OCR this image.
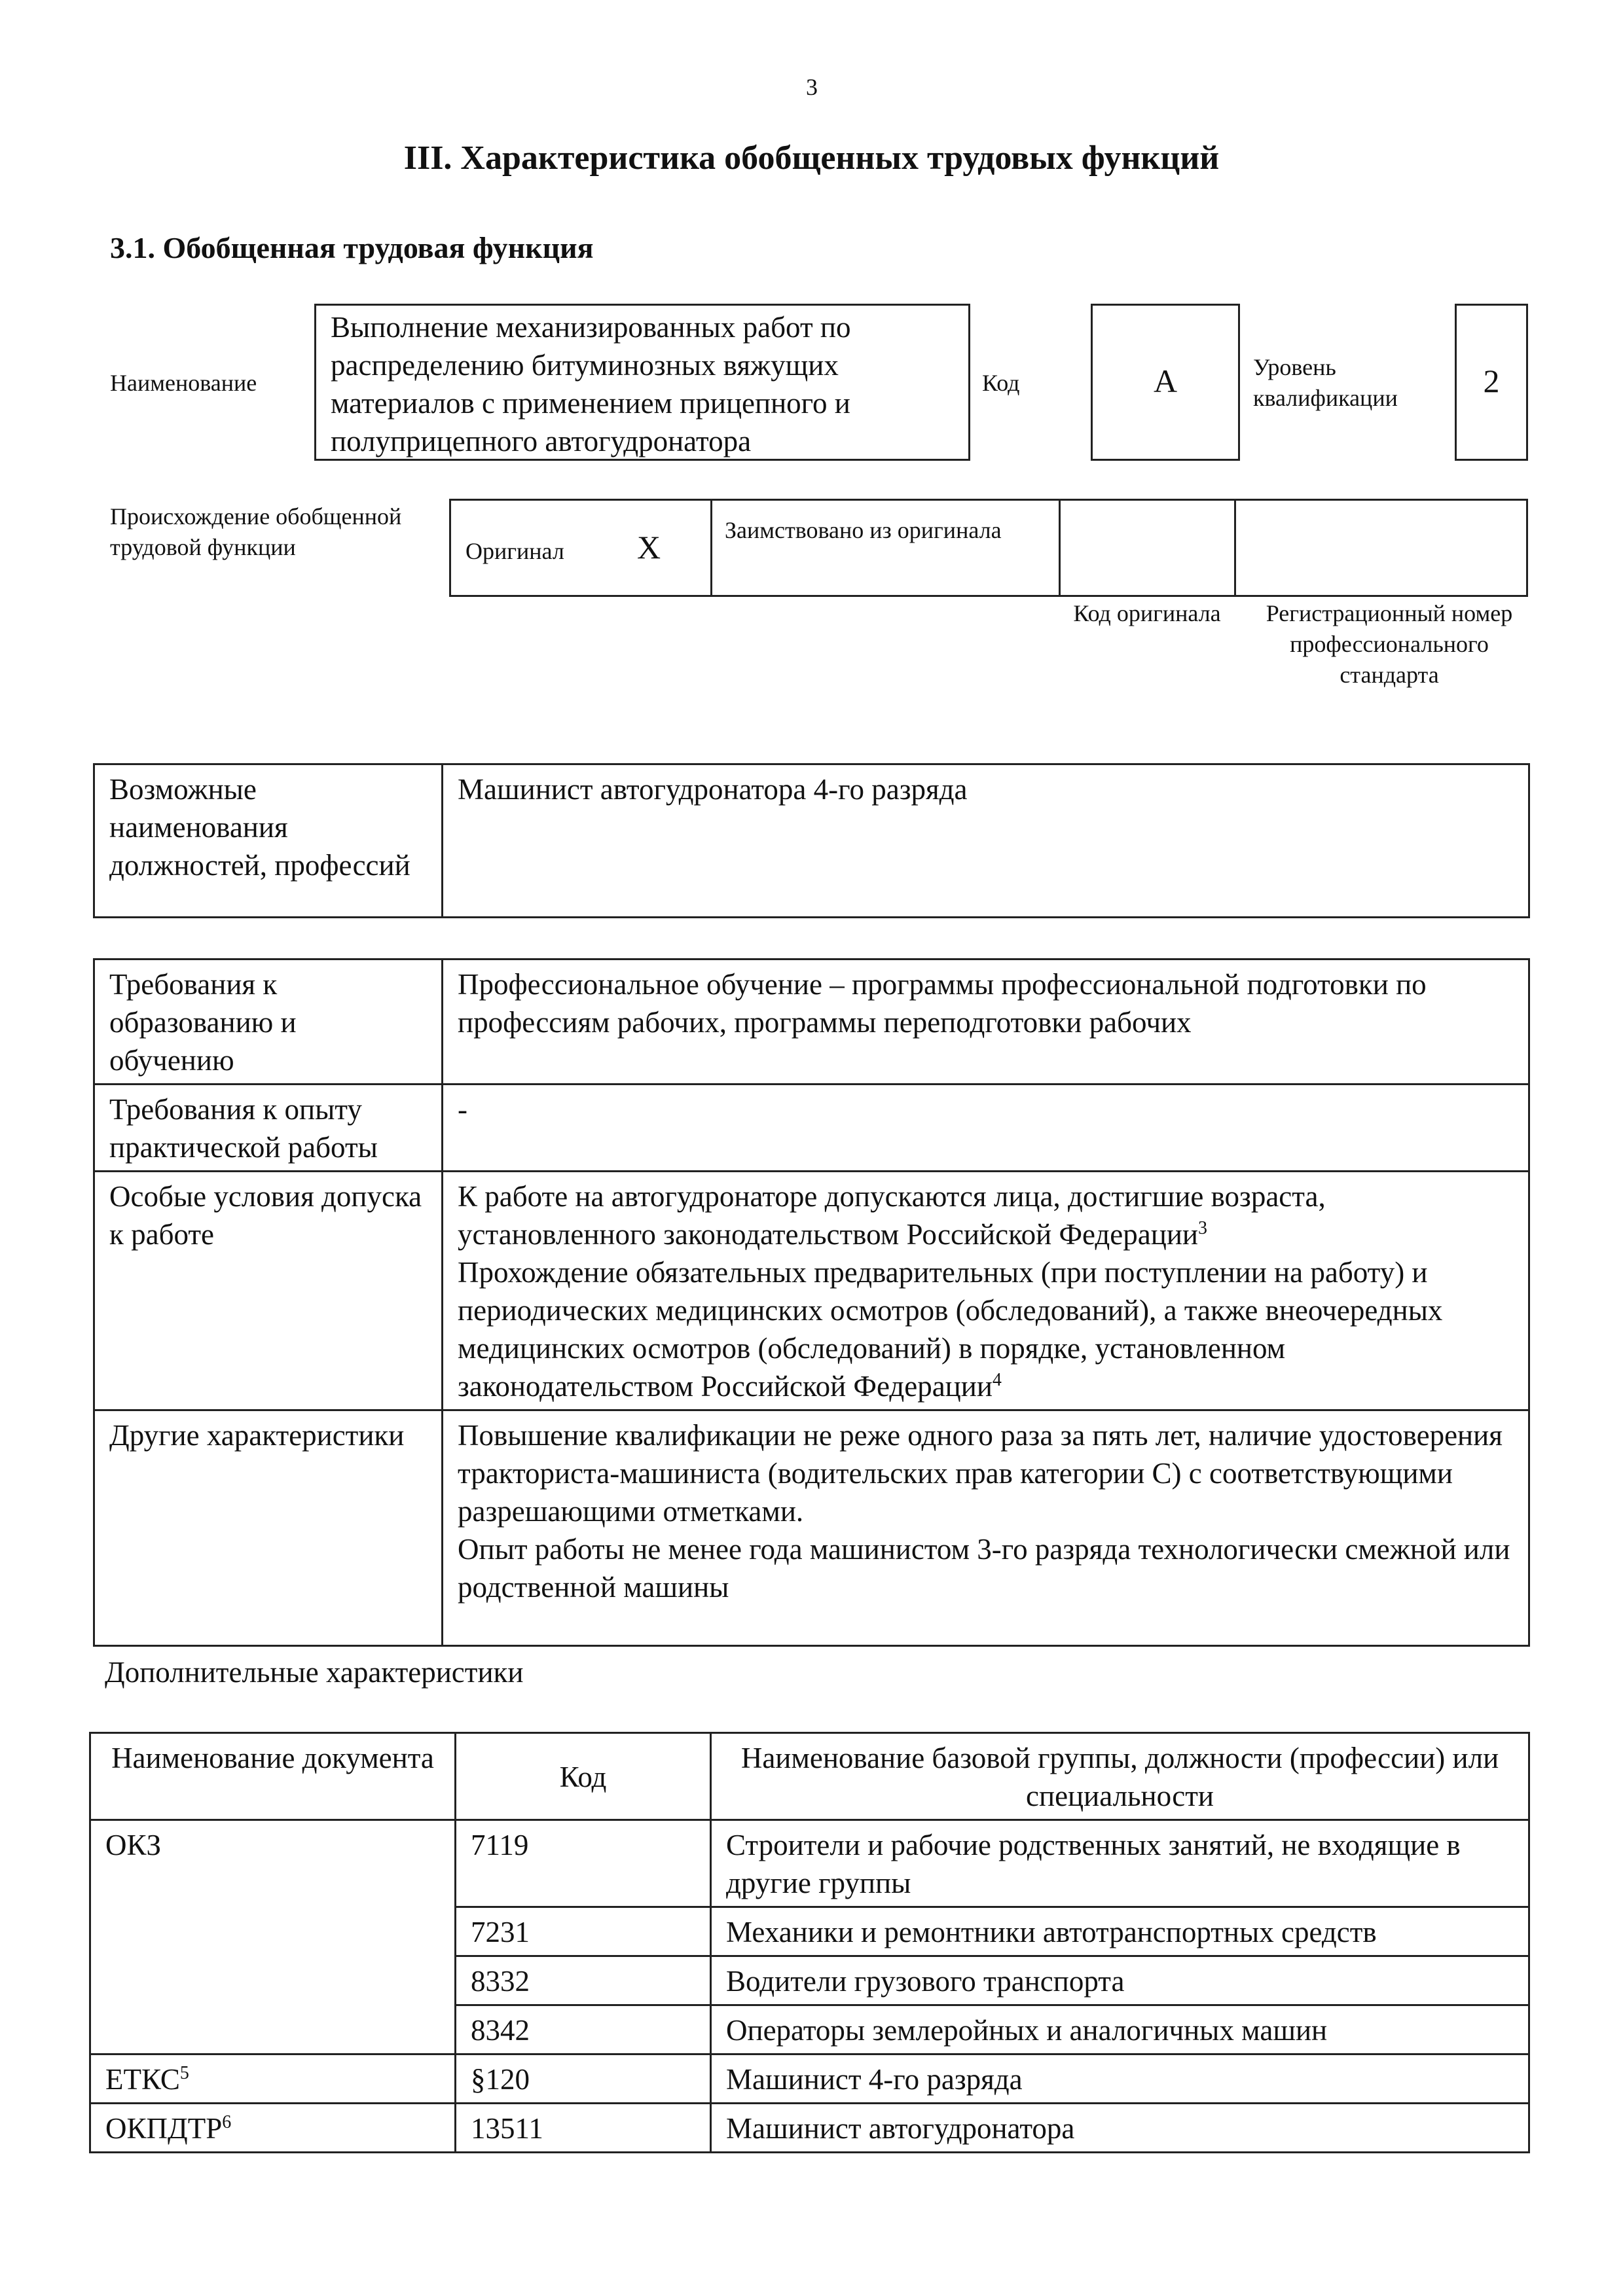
3
III. Характеристика обобщенных трудовых функций
3.1. Обобщенная трудовая функция
Наименование
Выполнение механизированных работ по распределению битуминозных вяжущих материалов с применением прицепного и полуприцепного автогудронатора
Код	А	Уровень квалификации	2
Происхождение обобщенной трудовой функции	Оригинал X	Заимствовано из оригинала
Код оригинала	Регистрационный номер профессионального стандарта
Возможные наименования должностей, профессий	Машинист автогудронатора 4-го разряда
Требования к образованию и обучению	Профессиональное обучение – программы профессиональной подготовки по профессиям рабочих, программы переподготовки рабочих
Требования к опыту практической работы	-
Особые условия допуска к работе	К работе на автогудронаторе допускаются лица, достигшие возраста, установленного законодательством Российской Федерации$^3$
Прохождение обязательных предварительных (при поступлении на работу) и периодических медицинских осмотров (обследований), а также внеочередных медицинских осмотров (обследований) в порядке, установленном законодательством Российской Федерации$^4$
Другие характеристики	Повышение квалификации не реже одного раза за пять лет, наличие удостоверения тракториста-машиниста (водительских прав категории С) с соответствующими разрешающими отметками.
Опыт работы не менее года машинистом 3-го разряда технологически смежной или родственной машины
Дополнительные характеристики
Наименование документа	Код	Наименование базовой группы, должности (профессии) или специальности
ОКЗ	7119	Строители и рабочие родственных занятий, не входящие в другие группы
	7231	Механики и ремонтники автотранспортных средств
	8332	Водители грузового транспорта
	8342	Операторы землеройных и аналогичных машин
ЕТКС$^5$	§120	Машинист 4-го разряда
ОКПДТР$^6$	13511	Машинист автогудронатора
